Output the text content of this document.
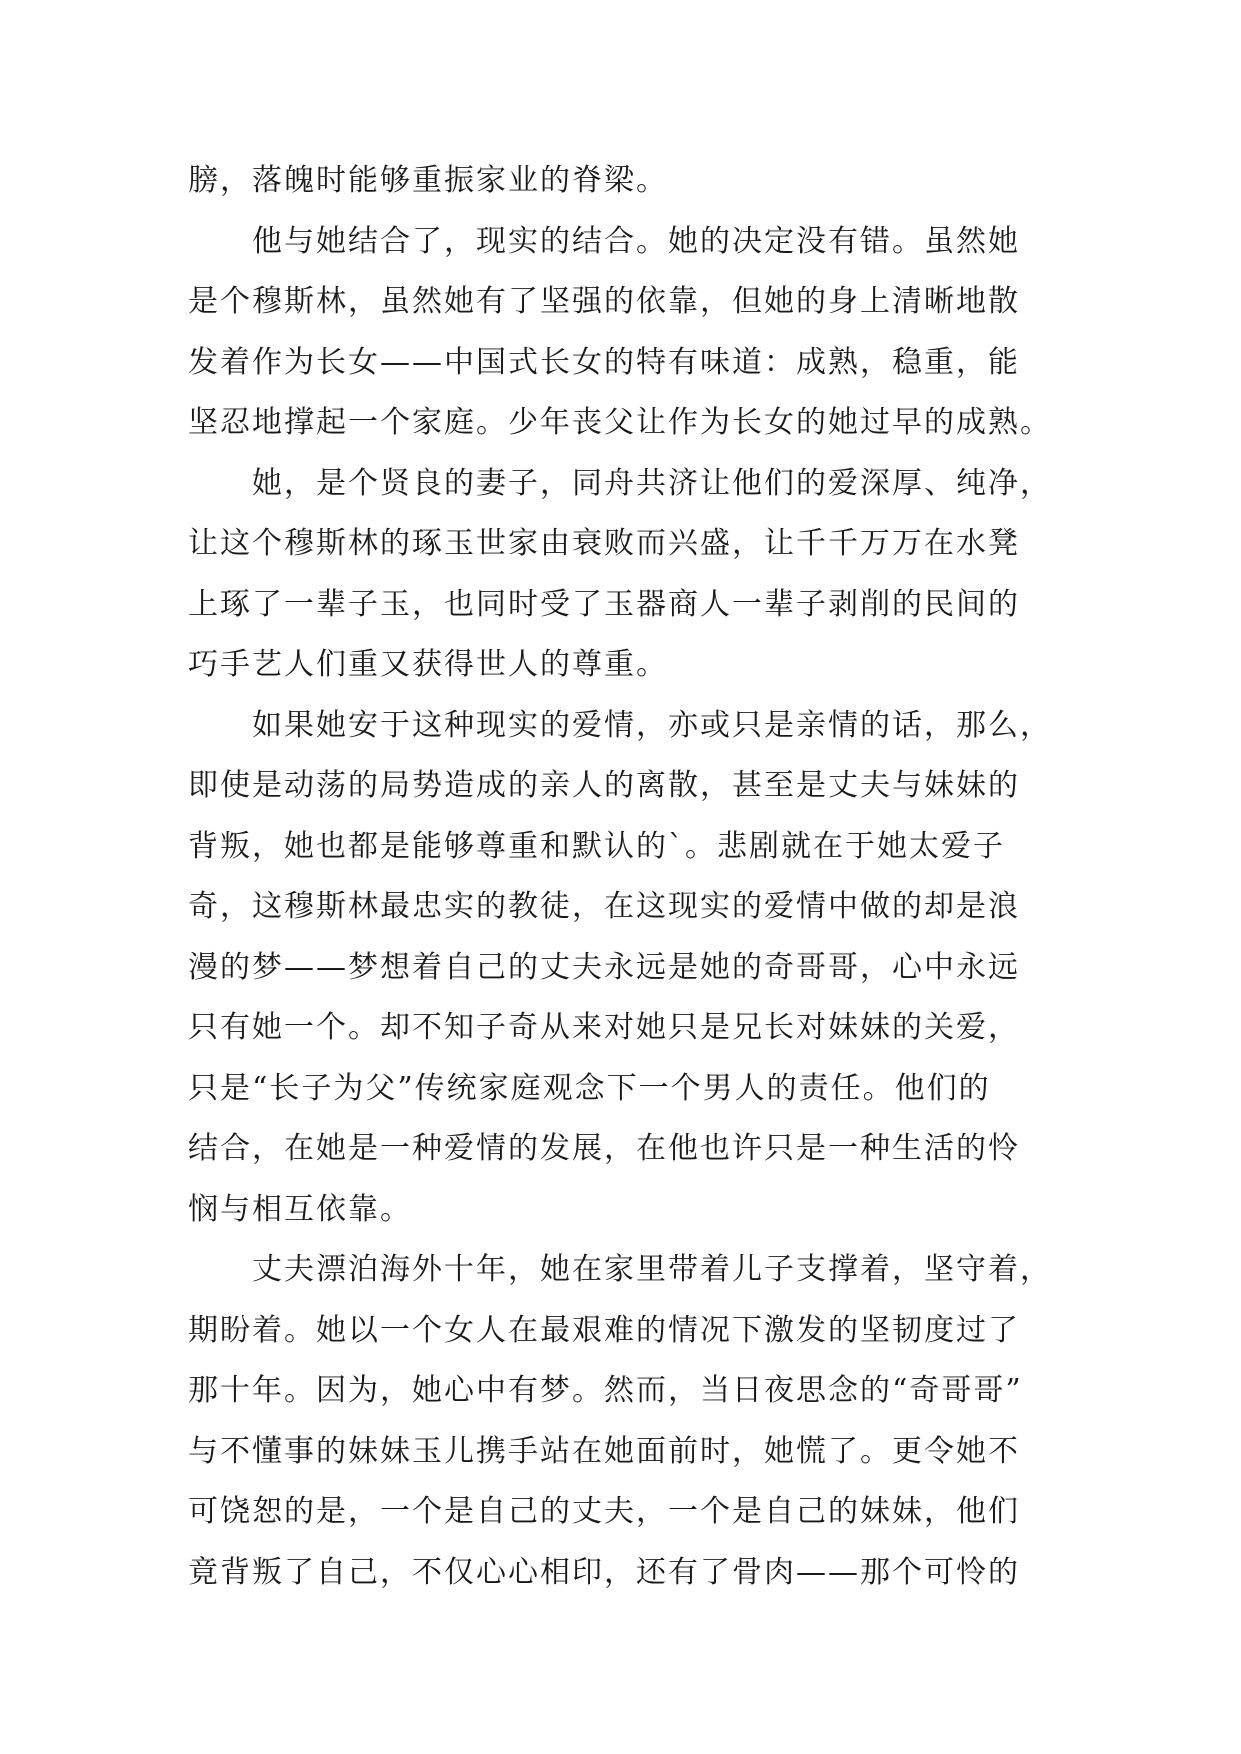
膀，落魄时能够重振家业的脊梁。
他与她结合了，现实的结合。她的决定没有错。虽然她
是个穆斯林，虽然她有了坚强的依靠，但她的身上清晰地散
发着作为长女——中国式长女的特有味道：成熟，稳重，能
坚忍地撑起一个家庭。少年丧父让作为长女的她过早的成熟。
她，是个贤良的妻子，同舟共济让他们的爱深厚、纯净，
让这个穆斯林的琢玉世家由衰败而兴盛，让千千万万在水凳
上琢了一辈子玉，也同时受了玉器商人一辈子剥削的民间的
巧手艺人们重又获得世人的尊重。
如果她安于这种现实的爱情，亦或只是亲情的话，那么，
即使是动荡的局势造成的亲人的离散，甚至是丈夫与妹妹的
背叛，她也都是能够尊重和默认的`。悲剧就在于她太爱子
奇，这穆斯林最忠实的教徒，在这现实的爱情中做的却是浪
漫的梦——梦想着自己的丈夫永远是她的奇哥哥，心中永远
只有她一个。却不知子奇从来对她只是兄长对妹妹的关爱，
只是“长子为父”传统家庭观念下一个男人的责任。他们的
结合，在她是一种爱情的发展，在他也许只是一种生活的怜
悯与相互依靠。
丈夫漂泊海外十年，她在家里带着儿子支撑着，坚守着，
期盼着。她以一个女人在最艰难的情况下激发的坚韧度过了
那十年。因为，她心中有梦。然而，当日夜思念的“奇哥哥”
与不懂事的妹妹玉儿携手站在她面前时，她慌了。更令她不
可饶恕的是，一个是自己的丈夫，一个是自己的妹妹，他们
竟背叛了自己，不仅心心相印，还有了骨肉——那个可怜的
